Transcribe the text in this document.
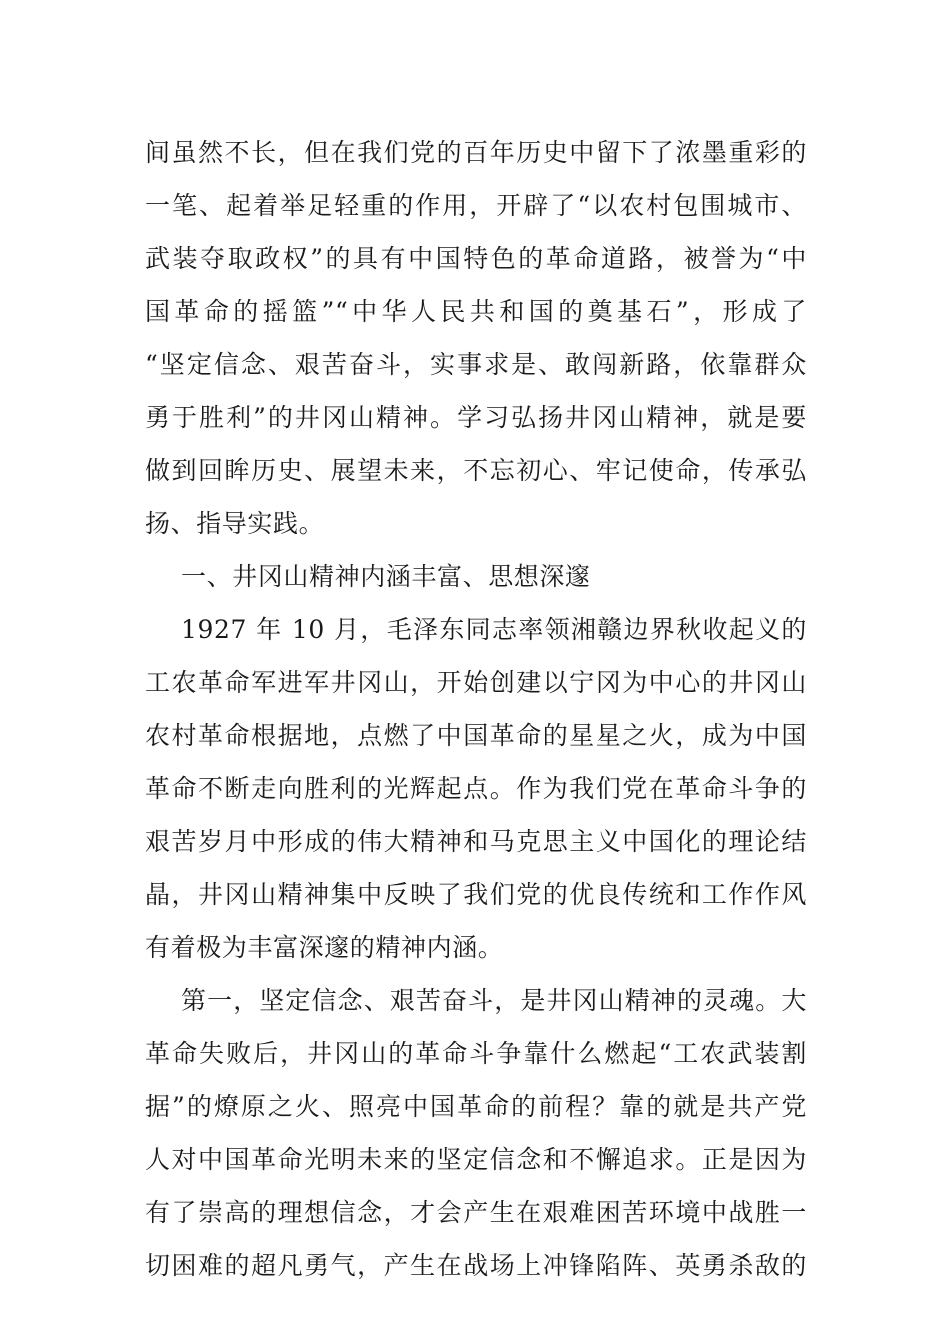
间虽然不长，但在我们党的百年历史中留下了浓墨重彩的
一笔、起着举足轻重的作用，开辟了“以农村包围城市、
武装夺取政权”的具有中国特色的革命道路，被誉为“中
国革命的摇篮”“中华人民共和国的奠基石”，形成了
“坚定信念、艰苦奋斗，实事求是、敢闯新路，依靠群众
勇于胜利”的井冈山精神。学习弘扬井冈山精神，就是要
做到回眸历史、展望未来，不忘初心、牢记使命，传承弘
扬、指导实践。
一、井冈山精神内涵丰富、思想深邃
1927 年 10 月，毛泽东同志率领湘赣边界秋收起义的
工农革命军进军井冈山，开始创建以宁冈为中心的井冈山
农村革命根据地，点燃了中国革命的星星之火，成为中国
革命不断走向胜利的光辉起点。作为我们党在革命斗争的
艰苦岁月中形成的伟大精神和马克思主义中国化的理论结
晶，井冈山精神集中反映了我们党的优良传统和工作作风
有着极为丰富深邃的精神内涵。
第一，坚定信念、艰苦奋斗，是井冈山精神的灵魂。大
革命失败后，井冈山的革命斗争靠什么燃起“工农武装割
据”的燎原之火、照亮中国革命的前程？靠的就是共产党
人对中国革命光明未来的坚定信念和不懈追求。正是因为
有了崇高的理想信念，才会产生在艰难困苦环境中战胜一
切困难的超凡勇气，产生在战场上冲锋陷阵、英勇杀敌的
